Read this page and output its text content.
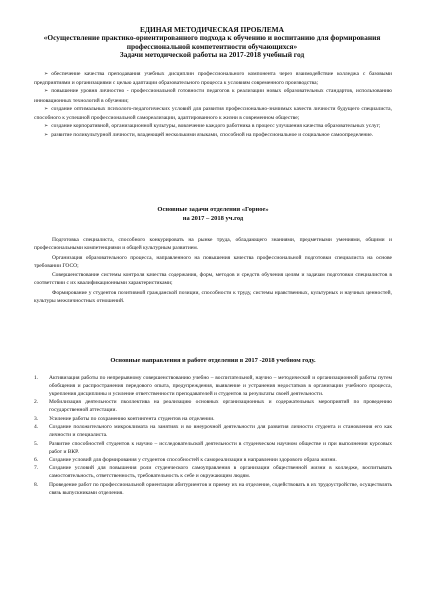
ЕДИНАЯ МЕТОДИЧЕСКАЯ ПРОБЛЕМА
«Осуществление практико-ориентированного подхода к обучению и воспитанию для формирования профессиональной компетентности обучающихся»
Задачи методической работы на 2017-2018 учебный год
➢ обеспечение качества преподавания учебных дисциплин профессионального компонента через взаимодействие колледжа с базовыми предприятиями и организациями с целью адаптации образовательного процесса к условиям современного производства;
➢ повышение уровня личностно - профессиональной готовности педагогов к реализации новых образовательных стандартов, использованию инновационных технологий в обучении;
➢ создание оптимальных психолого-педагогических условий для развития профессионально-значимых качеств личности будущего специалиста, способного к успешной профессиональной самореализации, адаптированного к жизни в современном обществе;
➢ создание корпоративной, организационной культуры, вовлечение каждого работника в процесс улучшения качества образовательных услуг;
➢ развитие поликультурной личности, владеющей несколькими языками, способной на профессиональное и социальное самоопределение.
Основные задачи отделения «Горное»
на 2017 – 2018 уч.год

Подготовка специалиста, способного конкурировать на рынке труда, обладающего знаниями, предметными умениями, общими и профессиональными компетенциями и общей культурным развитием.

Организация образовательного процесса, направленного на повышения качества профессиональной подготовки специалиста на основе требовании ГОСО;

Совершенствование системы контроля качества содержания, форм, методов и средств обучения целям и задачам подготовки специалистов в соответствии с их квалификационными характеристиками;

Формирование у студентов позитивной гражданской позиции, способности к труду, системы нравственных, культурных и научных ценностей, культуры межличностных отношений.

Основные направления в работе отделения в 2017 -2018 учебном году.
1. Активизация работы по непрерывному совершенствованию учебно – воспитательной, научно – методической и организационной работы путем обобщения и распространения передового опыта, предупреждения, выявление и устранения недостатков в организации учебного процесса, укрепления дисциплины и усиление ответственности преподавателей и студентов за результаты своей деятельности.
2. Мобилизация деятельности пколлектива на реализацию основных организационных и содержательных мероприятий по проведению государственной аттестации.
3. Усиление работы по сохранению контингента студентов на отделении.
4. Создание положительного микроклимата на занятиях и во внеурочной деятельности для развития личности студента и становления его как личности и специалиста.
5. Развитие способностей студентов к научно – исследовательской деятельности в студенческом научном обществе и при выполнении курсовых работ и ВКР.
6. Создание условий для формирования у студентов способностей к самореализации в направлении здорового образа жизни.
7. Создание условий для повышения роли студенческого самоуправления в организации общественной жизни в колледже, воспитывать самостоятельность, ответственность, требовательность к себе и окружающим людям.
8. Проведение работ по профессиональной ориентации абитуриентов и приему их на отделение, содействовать в их трудоустройстве, осуществлять связь выпускниками отделения.
